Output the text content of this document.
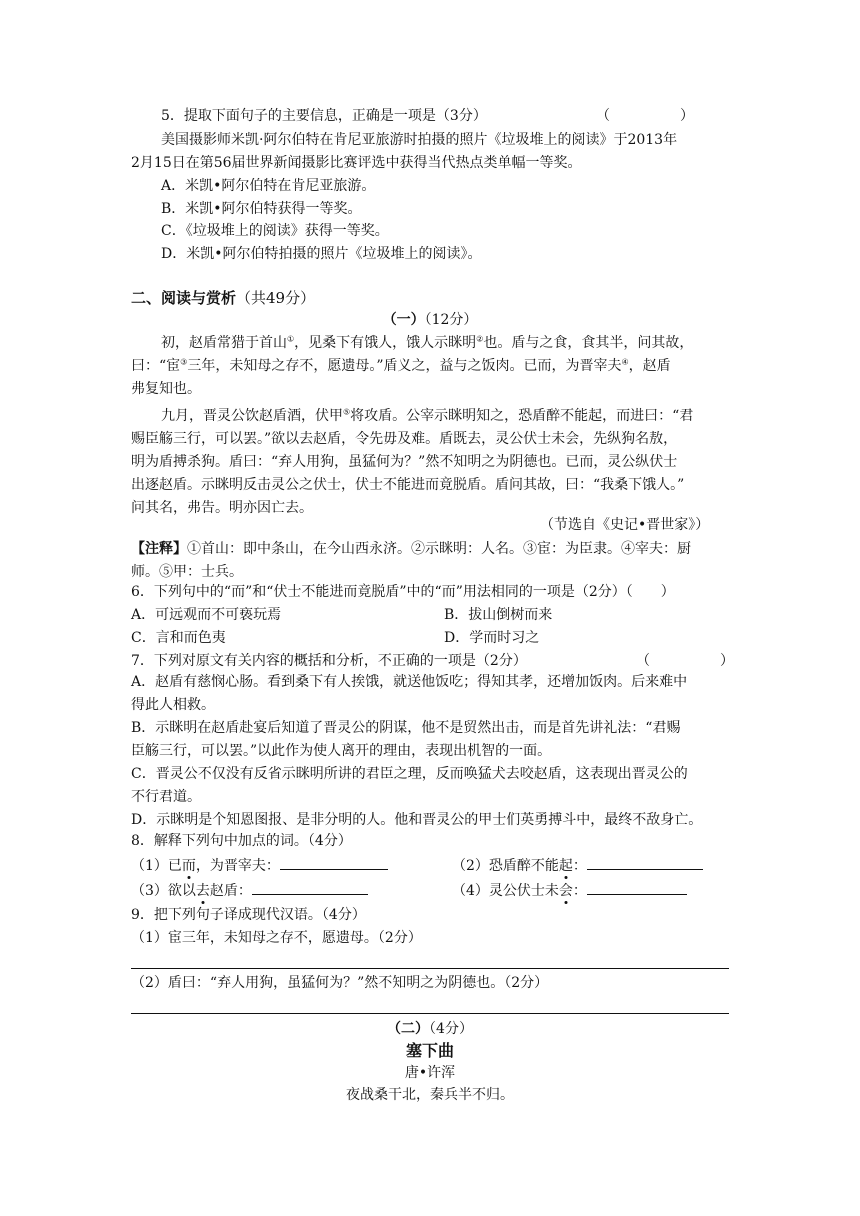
5．提取下面句子的主要信息，正确是一项是（3分）	（　　　　　）
美国摄影师米凯·阿尔伯特在肯尼亚旅游时拍摄的照片《垃圾堆上的阅读》于2013年
2月15日在第56届世界新闻摄影比赛评选中获得当代热点类单幅一等奖。
A．米凯•阿尔伯特在肯尼亚旅游。
B．米凯•阿尔伯特获得一等奖。
C．《垃圾堆上的阅读》获得一等奖。
D．米凯•阿尔伯特拍摄的照片《垃圾堆上的阅读》。
二、阅读与赏析（共49分）
（一）（12分）
初，赵盾常猎于首山①，见桑下有饿人，饿人示眯明②也。盾与之食，食其半，问其故，
曰：“宦③三年，未知母之存不，愿遗母。”盾义之，益与之饭肉。已而，为晋宰夫④，赵盾
弗复知也。
九月，晋灵公饮赵盾酒，伏甲⑤将攻盾。公宰示眯明知之，恐盾醉不能起，而进曰：“君
赐臣觞三行，可以罢。”欲以去赵盾，令先毋及难。盾既去，灵公伏士未会，先纵狗名敖，
明为盾搏杀狗。盾曰：“弃人用狗，虽猛何为？”然不知明之为阴德也。已而，灵公纵伏士
出逐赵盾。示眯明反击灵公之伏士，伏士不能进而竟脱盾。盾问其故，曰：“我桑下饿人。”
问其名，弗告。明亦因亡去。
（节选自《史记•晋世家》）
【注释】①首山：即中条山，在今山西永济。②示眯明：人名。③宦：为臣隶。④宰夫：厨
师。⑤甲：士兵。
6．下列句中的“而”和“伏士不能进而竟脱盾”中的“而”用法相同的一项是（2分）（　　）
A．可远观而不可亵玩焉	B．拔山倒树而来
C．言和而色夷	D．学而时习之
7．下列对原文有关内容的概括和分析，不正确的一项是（2分）	（　　　　　）
A．赵盾有慈悯心肠。看到桑下有人挨饿，就送他饭吃；得知其孝，还增加饭肉。后来难中
得此人相救。
B．示眯明在赵盾赴宴后知道了晋灵公的阴谋，他不是贸然出击，而是首先讲礼法：“君赐
臣觞三行，可以罢。”以此作为使人离开的理由，表现出机智的一面。
C．晋灵公不仅没有反省示眯明所讲的君臣之理，反而唤猛犬去咬赵盾，这表现出晋灵公的
不行君道。
D．示眯明是个知恩图报、是非分明的人。他和晋灵公的甲士们英勇搏斗中，最终不敌身亡。
8．解释下列句中加点的词。（4分）
（1）已而，为晋宰夫：	（2）恐盾醉不能起：
（3）欲以去赵盾：	（4）灵公伏士未会：
9．把下列句子译成现代汉语。（4分）
（1）宦三年，未知母之存不，愿遗母。（2分）
（2）盾曰：“弃人用狗，虽猛何为？”然不知明之为阴德也。（2分）
（二）（4分）
塞下曲
唐•许浑
夜战桑干北，秦兵半不归。
